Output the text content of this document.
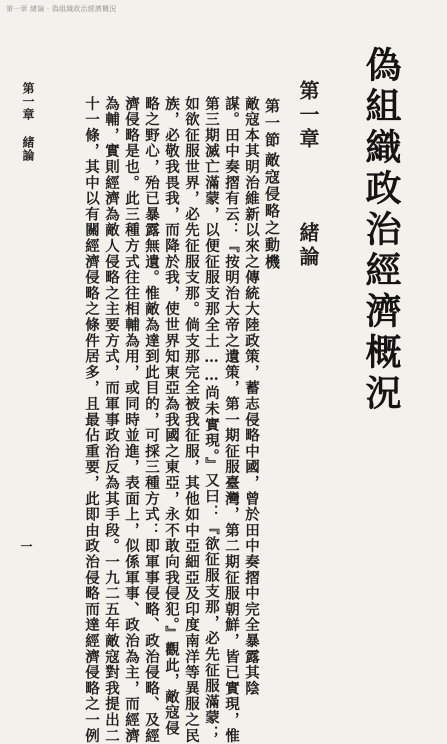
第一章 緒論 · 偽組織政治經濟概況
偽組織政治經濟概況
第一章
緒論
第一節
敵寇侵略之動機
敵寇本其明治維新以來之傳統大陸政策，蓄志侵略中國，曾於田中奏摺中完全暴露其陰
謀。田中奏摺有云：『按明治大帝之遺策，第一期征服臺灣，第二期征服朝鮮，皆已實現，惟
第三期滅亡滿蒙，以便征服支那全土……尚未實現。』又曰：『欲征服支那，必先征服滿蒙；
如欲征服世界，必先征服支那。倘支那完全被我征服，其他如中亞細亞及印度南洋等異服之民
族，必敬我畏我，而降於我，使世界知東亞為我國之東亞，永不敢向我侵犯。』觀此，敵寇侵
略之野心，殆已暴露無遺。惟敵為達到此目的，可採三種方式：即軍事侵略、政治侵略、及經
濟侵略是也。此三種方式往往相輔為用，或同時並進，表面上，似係軍事、政治為主，而經濟
為輔，實則經濟為敵人侵略之主要方式，而軍事政治反為其手段。一九二五年敵寇對我提出二
十一條，其中以有關經濟侵略之條件居多，且最佔重要，此即由政治侵略而達經濟侵略之一例
第一章 緒論
一
